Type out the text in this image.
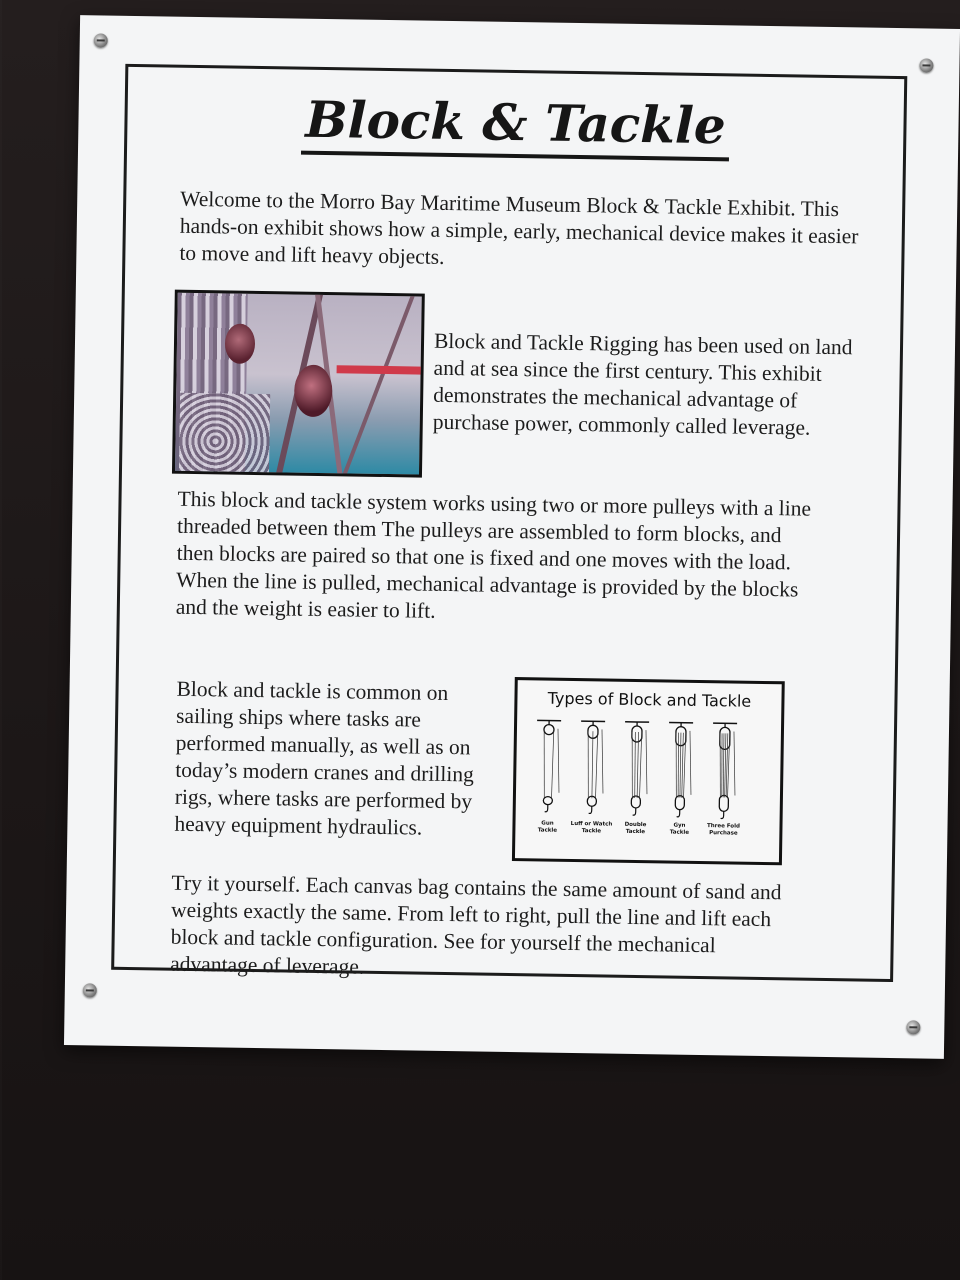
Block & Tackle
Welcome to the Morro Bay Maritime Museum Block & Tackle Exhibit. This hands-on exhibit shows how a simple, early, mechanical device makes it easier to move and lift heavy objects.
Block and Tackle Rigging has been used on land and at sea since the first century. This exhibit demonstrates the mechanical advantage of purchase power, commonly called leverage.
This block and tackle system works using two or more pulleys with a line threaded between them The pulleys are assembled to form blocks, and then blocks are paired so that one is fixed and one moves with the load. When the line is pulled, mechanical advantage is provided by the blocks and the weight is easier to lift.
Block and tackle is common on sailing ships where tasks are performed manually, as well as on today’s modern cranes and drilling rigs, where tasks are performed by heavy equipment hydraulics.
Types of Block and Tackle
Gun
Tackle
Luff or Watch
Tackle
Double
Tackle
Gyn
Tackle
Three Fold
Purchase
Try it yourself. Each canvas bag contains the same amount of sand and weights exactly the same. From left to right, pull the line and lift each block and tackle configuration. See for yourself the mechanical advantage of leverage.
